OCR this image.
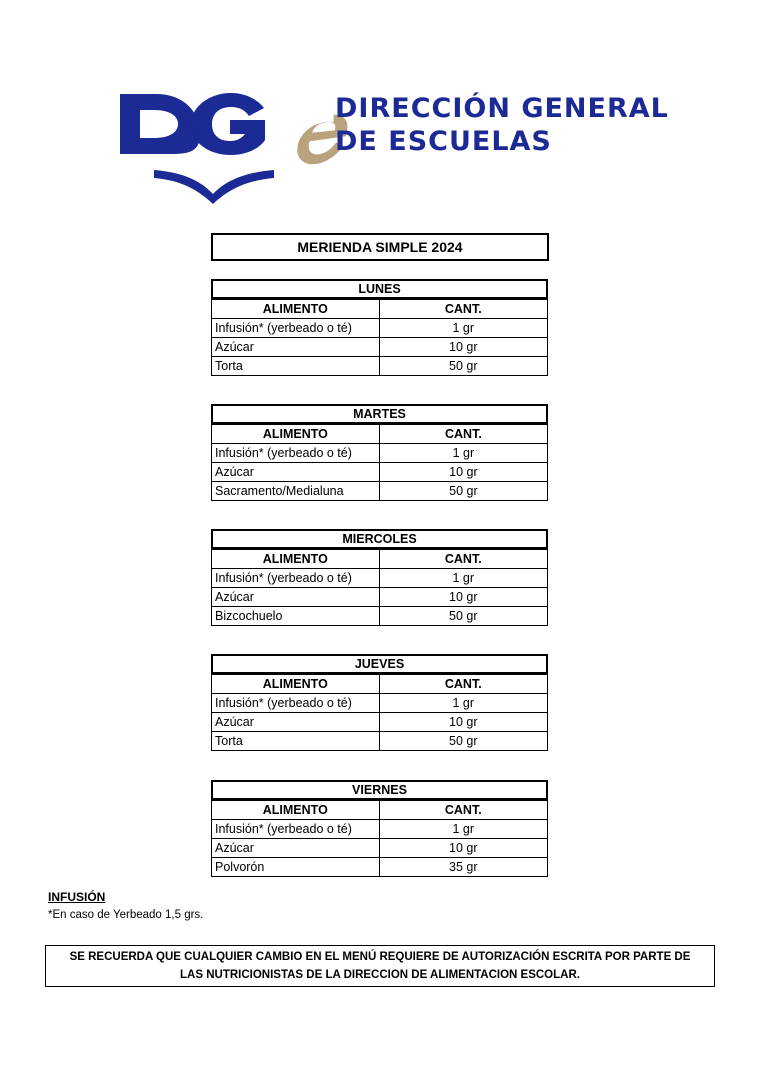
DIRECCIÓN GENERAL
DE ESCUELAS
MERIENDA SIMPLE 2024
LUNES
ALIMENTO	CANT.
Infusión* (yerbeado o té)	1 gr
Azúcar	10 gr
Torta	50 gr
MARTES
ALIMENTO	CANT.
Infusión* (yerbeado o té)	1 gr
Azúcar	10 gr
Sacramento/Medialuna	50 gr
MIERCOLES
ALIMENTO	CANT.
Infusión* (yerbeado o té)	1 gr
Azúcar	10 gr
Bizcochuelo	50 gr
JUEVES
ALIMENTO	CANT.
Infusión* (yerbeado o té)	1 gr
Azúcar	10 gr
Torta	50 gr
VIERNES
ALIMENTO	CANT.
Infusión* (yerbeado o té)	1 gr
Azúcar	10 gr
Polvorón	35 gr
INFUSIÓN
*En caso de Yerbeado 1,5 grs.
SE RECUERDA QUE CUALQUIER CAMBIO EN EL MENÚ REQUIERE DE AUTORIZACIÓN ESCRITA POR PARTE DE
LAS NUTRICIONISTAS DE LA DIRECCION DE ALIMENTACION ESCOLAR.
